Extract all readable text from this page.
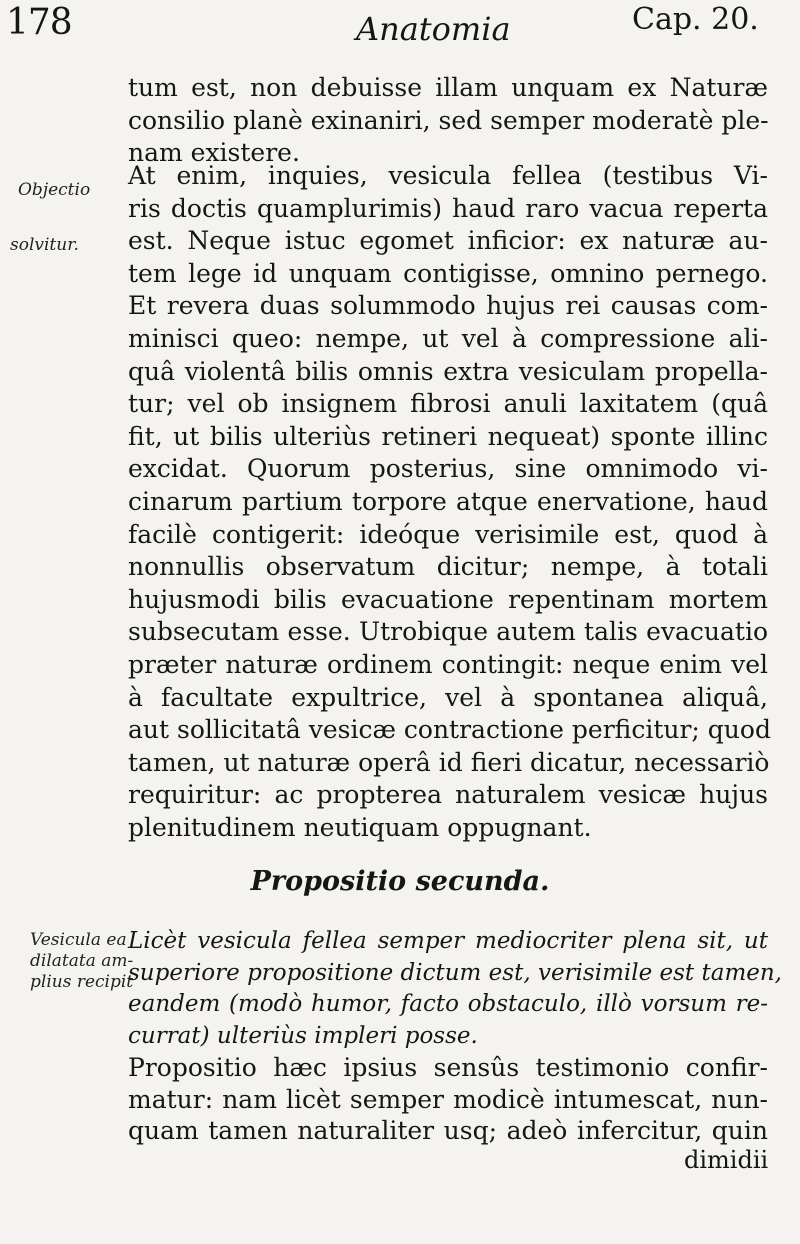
178	Anatomia	Cap. 20.
Objectio
solvitur.
Vesicula ea
dilatata am-
plius recipit
tum est, non debuisse illam unquam ex Naturæ
consilio planè exinaniri, sed semper moderatè ple-
nam existere.
At enim, inquies, vesicula fellea (testibus Vi-
ris doctis quamplurimis) haud raro vacua reperta
est. Neque istuc egomet inficior: ex naturæ au-
tem lege id unquam contigisse, omnino pernego.
Et revera duas solummodo hujus rei causas com-
minisci queo: nempe, ut vel à compressione ali-
quâ violentâ bilis omnis extra vesiculam propella-
tur; vel ob insignem fibrosi anuli laxitatem (quâ
fit, ut bilis ulteriùs retineri nequeat) sponte illinc
excidat. Quorum posterius, sine omnimodo vi-
cinarum partium torpore atque enervatione, haud
facilè contigerit: ideóque verisimile est, quod à
nonnullis observatum dicitur; nempe, à totali
hujusmodi bilis evacuatione repentinam mortem
subsecutam esse. Utrobique autem talis evacuatio
præter naturæ ordinem contingit: neque enim vel
à facultate expultrice, vel à spontanea aliquâ,
aut sollicitatâ vesicæ contractione perficitur; quod
tamen, ut naturæ operâ id fieri dicatur, necessariò
requiritur: ac propterea naturalem vesicæ hujus
plenitudinem neutiquam oppugnant.
Propositio secunda.
Licèt vesicula fellea semper mediocriter plena sit, ut
superiore propositione dictum est, verisimile est tamen,
eandem (modò humor, facto obstaculo, illò vorsum re-
currat) ulteriùs impleri posse.
Propositio hæc ipsius sensûs testimonio confir-
matur: nam licèt semper modicè intumescat, nun-
quam tamen naturaliter usq; adeò infercitur, quin
dimidii
